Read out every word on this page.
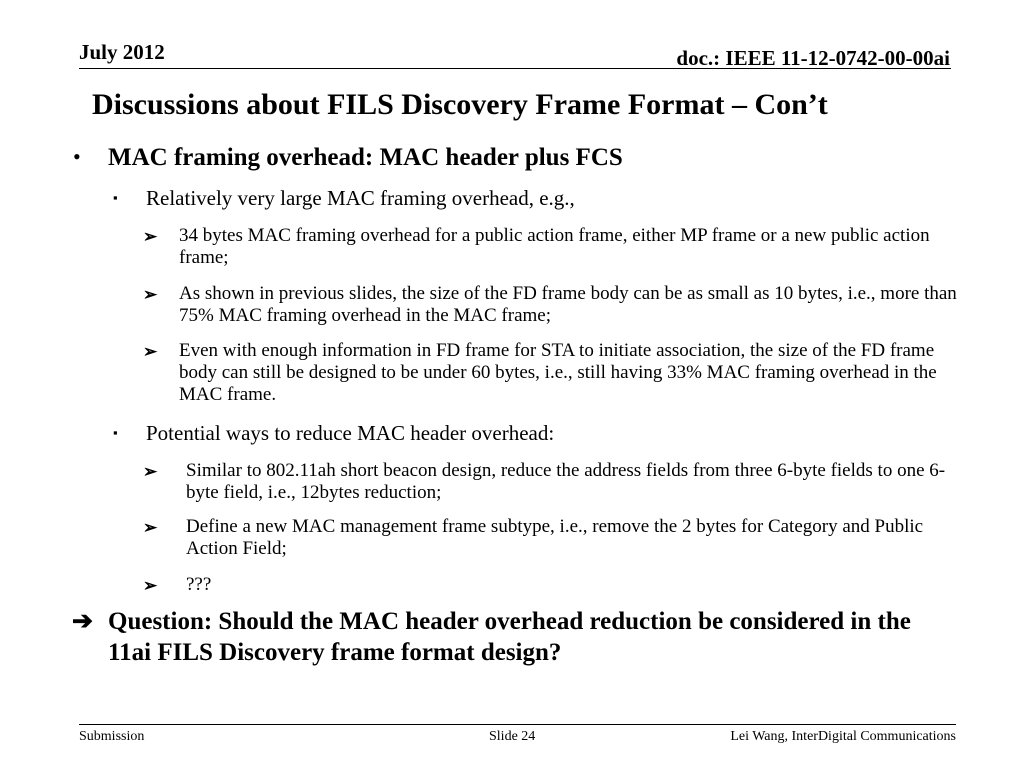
July 2012	doc.: IEEE 11-12-0742-00-00ai
Discussions about FILS Discovery Frame Format – Con’t
• MAC framing overhead: MAC header plus FCS
▪ Relatively very large MAC framing overhead, e.g.,
➢ 34 bytes MAC framing overhead for a public action frame, either MP frame or a new public action frame;
➢ As shown in previous slides, the size of the FD frame body can be as small as 10 bytes, i.e., more than 75% MAC framing overhead in the MAC frame;
➢ Even with enough information in FD frame for STA to initiate association, the size of the FD frame body can still be designed to be under 60 bytes, i.e., still having 33% MAC framing overhead in the MAC frame.
▪ Potential ways to reduce MAC header overhead:
➢ Similar to 802.11ah short beacon design, reduce the address fields from three 6-byte fields to one 6-byte field, i.e., 12bytes reduction;
➢ Define a new MAC management frame subtype, i.e., remove the 2 bytes for Category and Public Action Field;
➢ ???
➔ Question: Should the MAC header overhead reduction be considered in the 11ai FILS Discovery frame format design?
Submission	Slide 24	Lei Wang, InterDigital Communications
